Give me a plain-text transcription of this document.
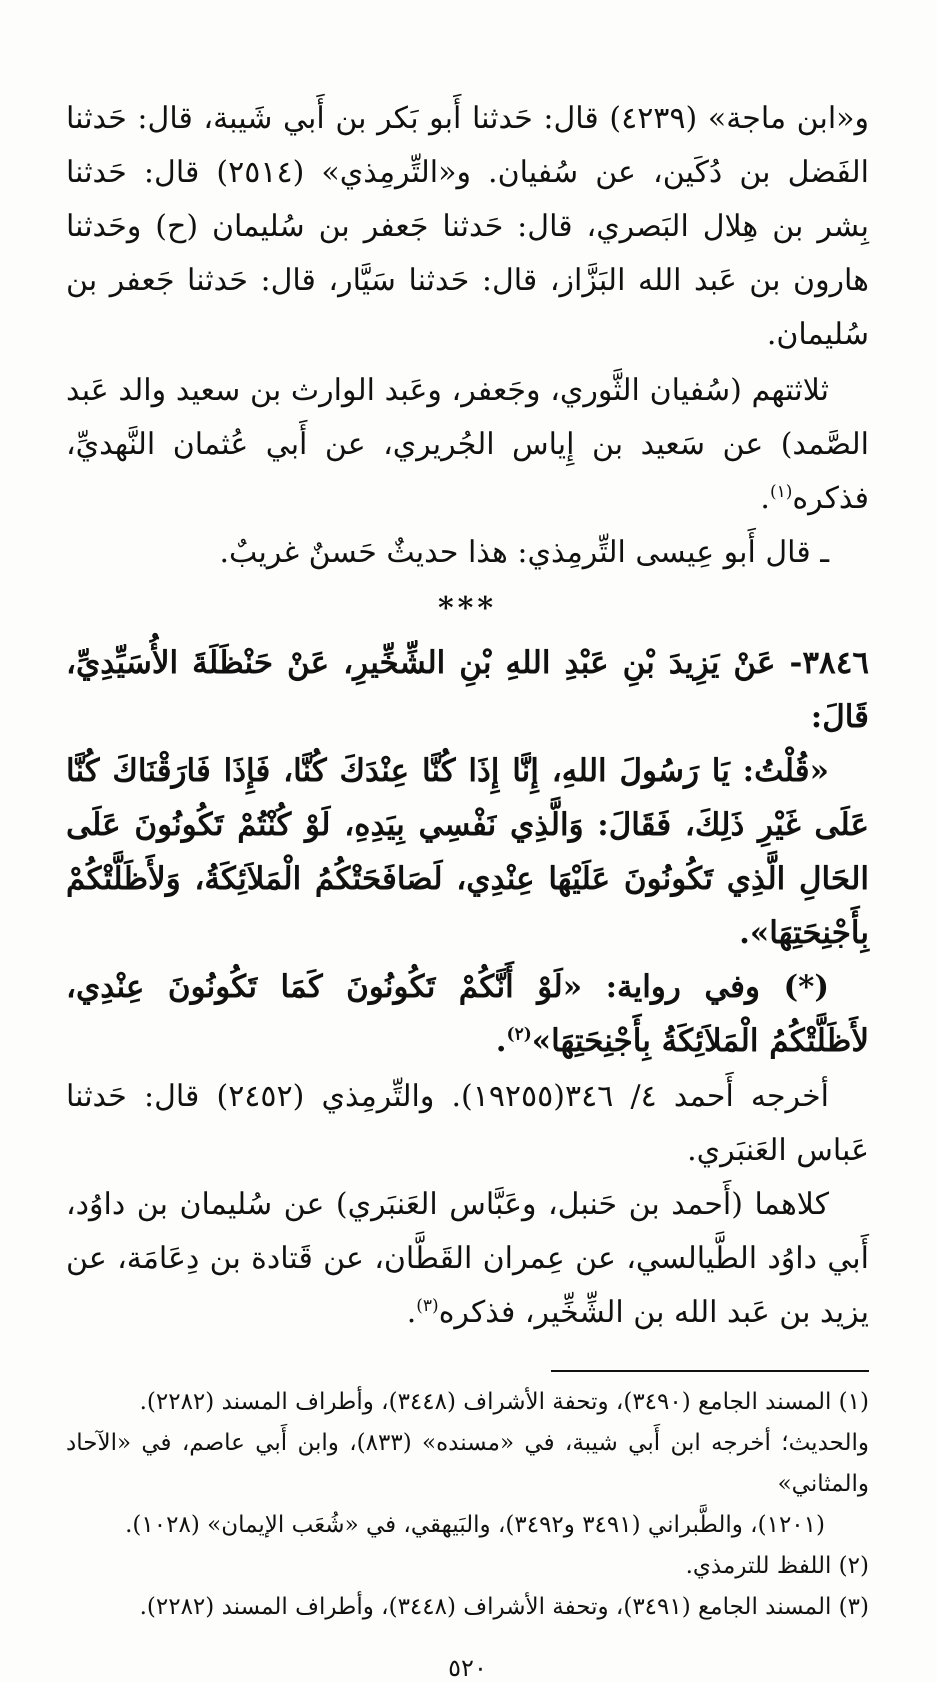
و«ابن ماجة» (٤٢٣٩) قال: حَدثنا أَبو بَكر بن أَبي شَيبة، قال: حَدثنا الفَضل بن دُكَين، عن سُفيان. و«التِّرمِذي» (٢٥١٤) قال: حَدثنا بِشر بن هِلال البَصري، قال: حَدثنا جَعفر بن سُليمان (ح) وحَدثنا هارون بن عَبد الله البَزَّاز، قال: حَدثنا سَيَّار، قال: حَدثنا جَعفر بن سُليمان.

ثلاثتهم (سُفيان الثَّوري، وجَعفر، وعَبد الوارث بن سعيد والد عَبد الصَّمد) عن سَعيد بن إِياس الجُريري، عن أَبي عُثمان النَّهديِّ، فذكره$^{(١)}$.

ـ قال أَبو عِيسى التِّرمِذي: هذا حديثٌ حَسنٌ غريبٌ.

***

٣٨٤٦- عَنْ يَزِيدَ بْنِ عَبْدِ اللهِ بْنِ الشِّخِّيرِ، عَنْ حَنْظَلَةَ الأُسَيِّدِيِّ، قَالَ:

«قُلْتُ: يَا رَسُولَ اللهِ، إِنَّا إِذَا كُنَّا عِنْدَكَ كُنَّا، فَإِذَا فَارَقْنَاكَ كُنَّا عَلَى غَيْرِ ذَلِكَ، فَقَالَ: وَالَّذِي نَفْسِي بِيَدِهِ، لَوْ كُنْتُمْ تَكُونُونَ عَلَى الحَالِ الَّذِي تَكُونُونَ عَلَيْهَا عِنْدِي، لَصَافَحَتْكُمُ الْمَلاَئِكَةُ، وَلأَظَلَّتْكُمْ بِأَجْنِحَتِهَا».

(*) وفي رواية: «لَوْ أَنَّكُمْ تَكُونُونَ كَمَا تَكُونُونَ عِنْدِي، لأَظَلَّتْكُمُ الْمَلاَئِكَةُ بِأَجْنِحَتِهَا»$^{(٢)}$.

أخرجه أَحمد ٤/ ٣٤٦(١٩٢٥٥). والتِّرمِذي (٢٤٥٢) قال: حَدثنا عَباس العَنبَري.

كلاهما (أَحمد بن حَنبل، وعَبَّاس العَنبَري) عن سُليمان بن داوُد، أَبي داوُد الطَّيالسي، عن عِمران القَطَّان، عن قَتادة بن دِعَامَة، عن يزيد بن عَبد الله بن الشِّخِّير، فذكره$^{(٣)}$.

(١) المسند الجامع (٣٤٩٠)، وتحفة الأشراف (٣٤٤٨)، وأطراف المسند (٢٢٨٢).

والحديث؛ أخرجه ابن أَبي شيبة، في «مسنده» (٨٣٣)، وابن أَبي عاصم، في «الآحاد والمثاني»

(١٢٠١)، والطَّبراني (٣٤٩١ و٣٤٩٢)، والبَيهقي، في «شُعَب الإيمان» (١٠٢٨).

(٢) اللفظ للترمذي.

(٣) المسند الجامع (٣٤٩١)، وتحفة الأشراف (٣٤٤٨)، وأطراف المسند (٢٢٨٢).

٥٢٠
